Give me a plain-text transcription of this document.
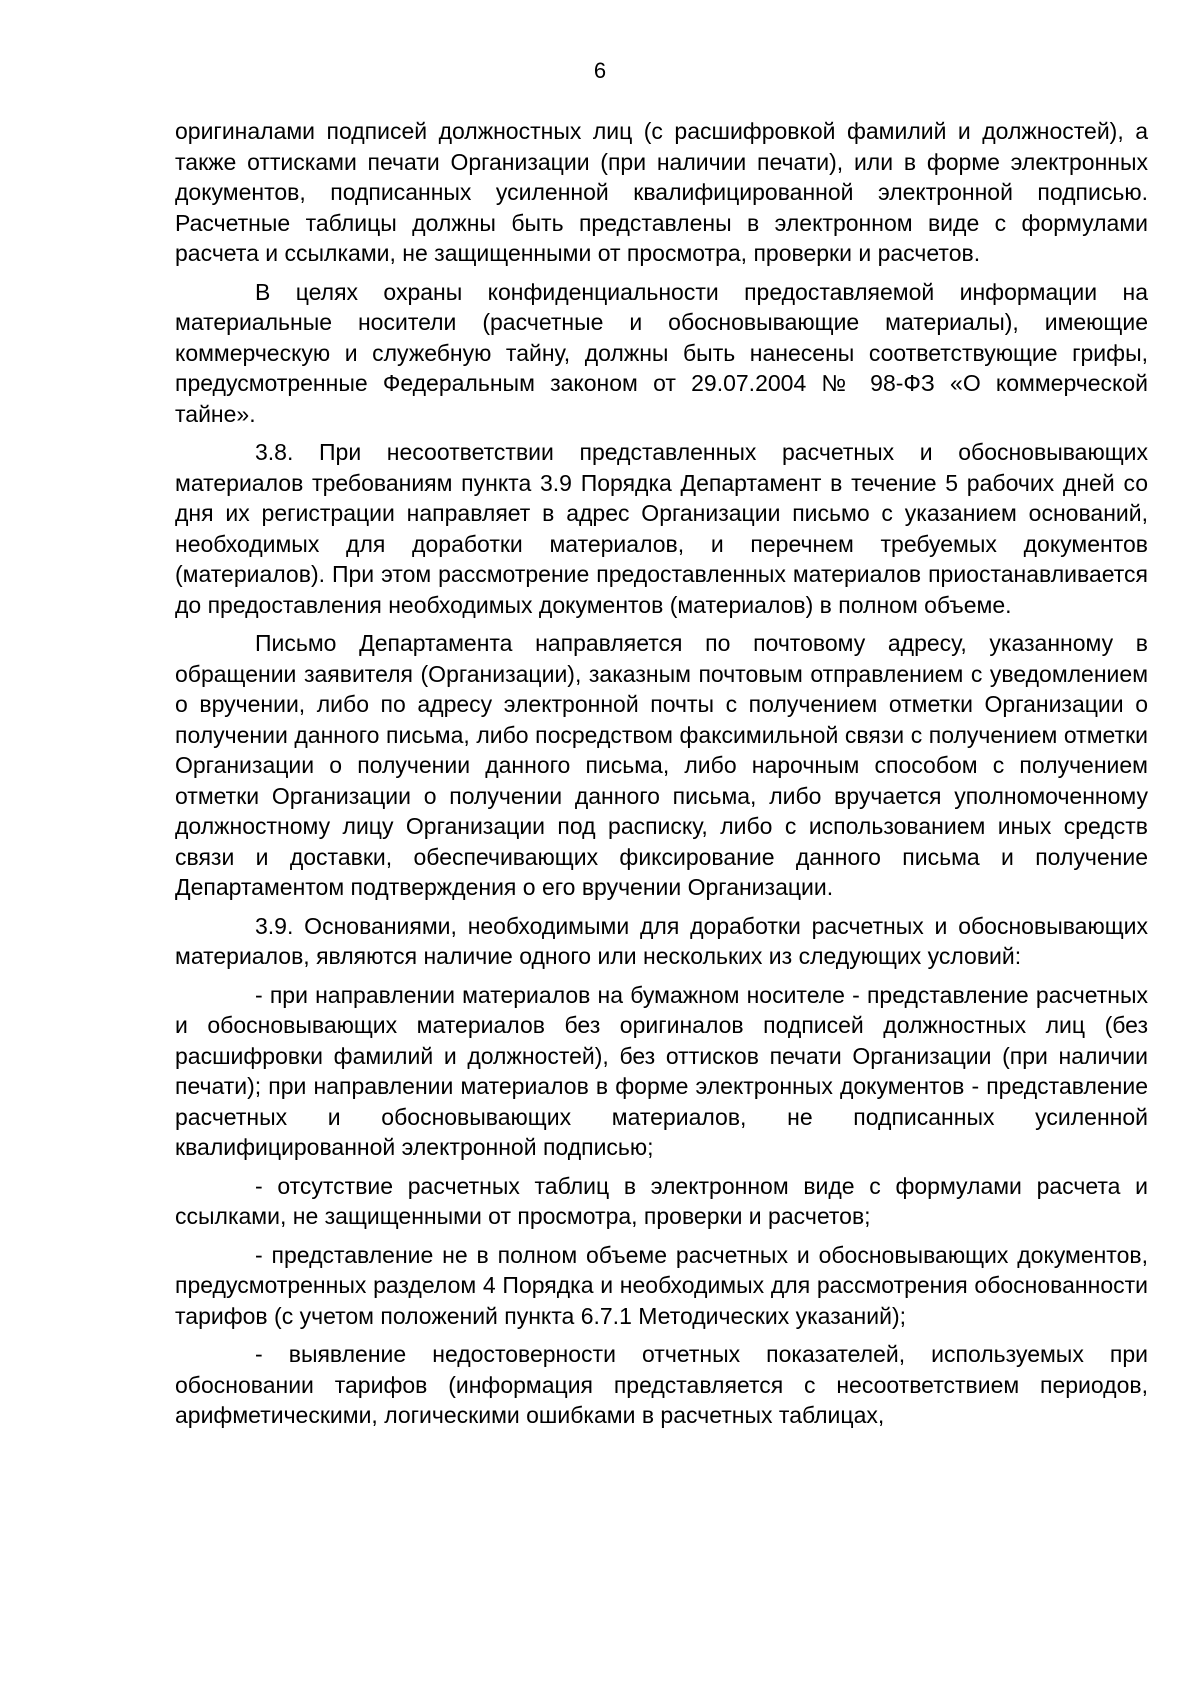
6

оригиналами подписей должностных лиц (с расшифровкой фамилий и должностей), а также оттисками печати Организации (при наличии печати), или в форме электронных документов, подписанных усиленной квалифицированной электронной подписью. Расчетные таблицы должны быть представлены в электронном виде с формулами расчета и ссылками, не защищенными от просмотра, проверки и расчетов.

В целях охраны конфиденциальности предоставляемой информации на материальные носители (расчетные и обосновывающие материалы), имеющие коммерческую и служебную тайну, должны быть нанесены соответствующие грифы, предусмотренные Федеральным законом от 29.07.2004 № 98-ФЗ «О коммерческой тайне».

3.8. При несоответствии представленных расчетных и обосновывающих материалов требованиям пункта 3.9 Порядка Департамент в течение 5 рабочих дней со дня их регистрации направляет в адрес Организации письмо с указанием оснований, необходимых для доработки материалов, и перечнем требуемых документов (материалов). При этом рассмотрение предоставленных материалов приостанавливается до предоставления необходимых документов (материалов) в полном объеме.

Письмо Департамента направляется по почтовому адресу, указанному в обращении заявителя (Организации), заказным почтовым отправлением с уведомлением о вручении, либо по адресу электронной почты с получением отметки Организации о получении данного письма, либо посредством факсимильной связи с получением отметки Организации о получении данного письма, либо нарочным способом с получением отметки Организации о получении данного письма, либо вручается уполномоченному должностному лицу Организации под расписку, либо с использованием иных средств связи и доставки, обеспечивающих фиксирование данного письма и получение Департаментом подтверждения о его вручении Организации.

3.9. Основаниями, необходимыми для доработки расчетных и обосновывающих материалов, являются наличие одного или нескольких из следующих условий:

- при направлении материалов на бумажном носителе - представление расчетных и обосновывающих материалов без оригиналов подписей должностных лиц (без расшифровки фамилий и должностей), без оттисков печати Организации (при наличии печати); при направлении материалов в форме электронных документов - представление расчетных и обосновывающих материалов, не подписанных усиленной квалифицированной электронной подписью;

- отсутствие расчетных таблиц в электронном виде с формулами расчета и ссылками, не защищенными от просмотра, проверки и расчетов;

- представление не в полном объеме расчетных и обосновывающих документов, предусмотренных разделом 4 Порядка и необходимых для рассмотрения обоснованности тарифов (с учетом положений пункта 6.7.1 Методических указаний);

- выявление недостоверности отчетных показателей, используемых при обосновании тарифов (информация представляется с несоответствием периодов, арифметическими, логическими ошибками в расчетных таблицах,
